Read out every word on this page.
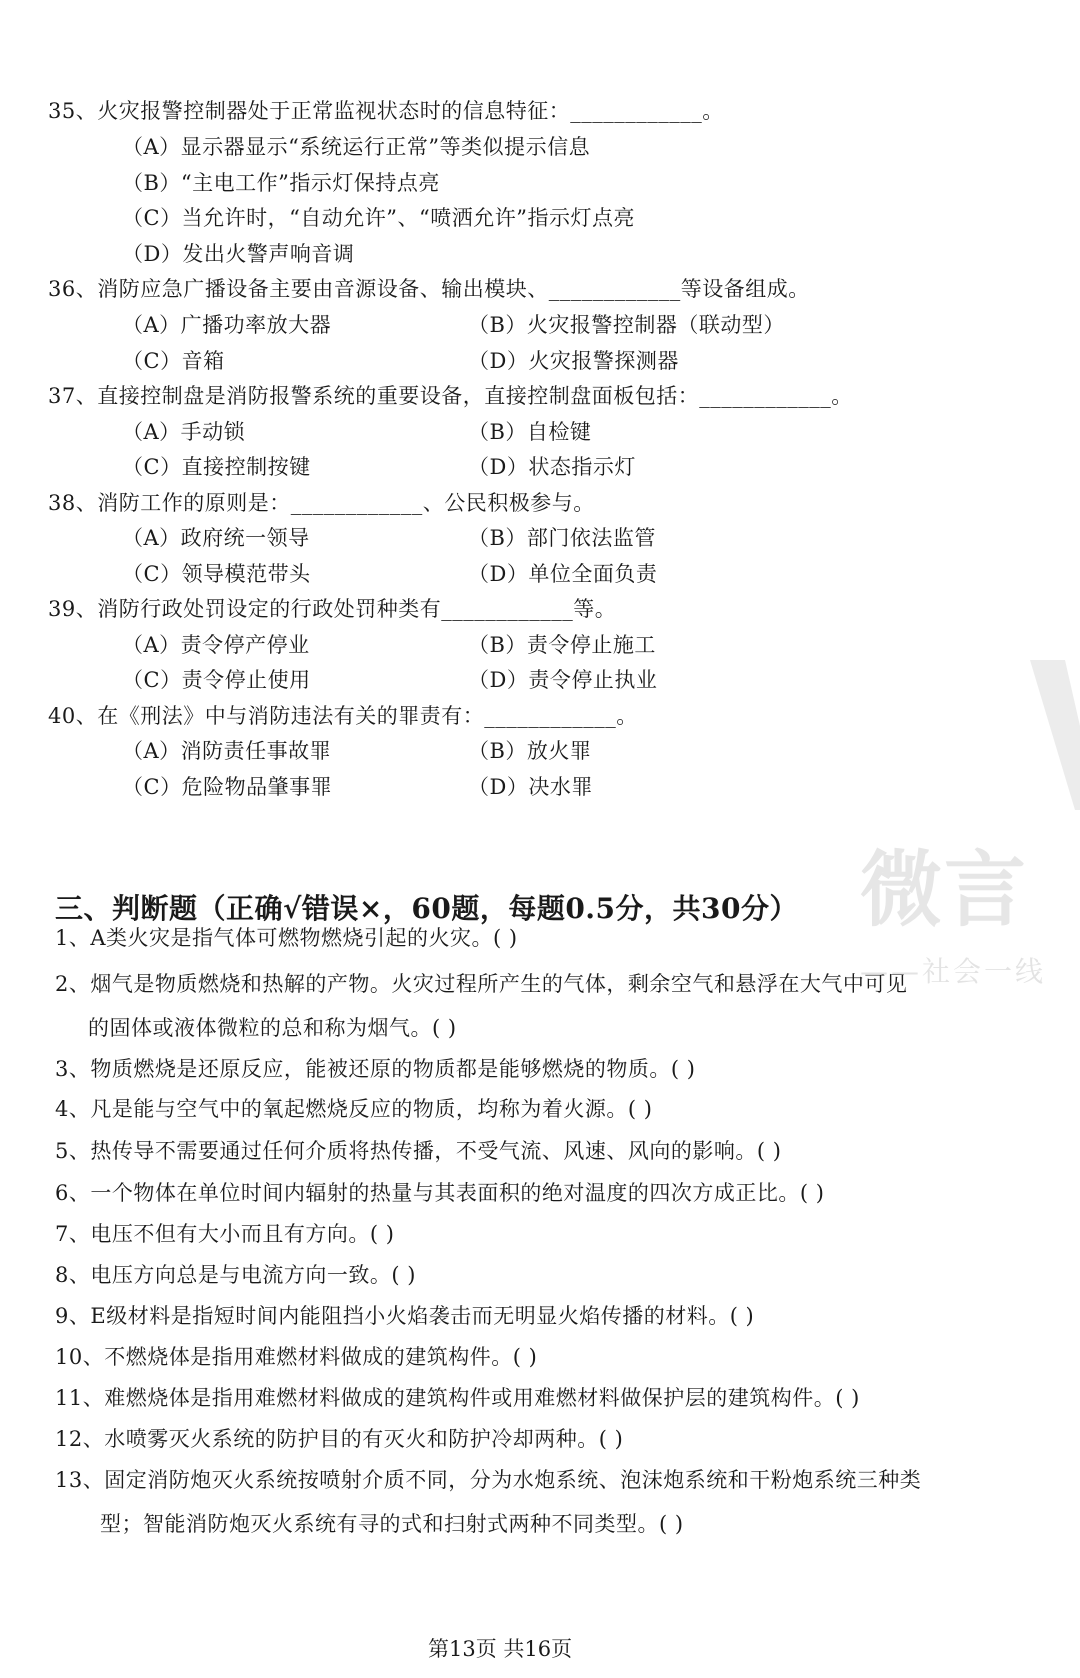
35、火灾报警控制器处于正常监视状态时的信息特征：____________。
（A）显示器显示“系统运行正常”等类似提示信息
（B）“主电工作”指示灯保持点亮
（C）当允许时，“自动允许”、“喷洒允许”指示灯点亮
（D）发出火警声响音调
36、消防应急广播设备主要由音源设备、输出模块、____________等设备组成。
（A）广播功率放大器	（B）火灾报警控制器（联动型）
（C）音箱	（D）火灾报警探测器
37、直接控制盘是消防报警系统的重要设备，直接控制盘面板包括：____________。
（A）手动锁	（B）自检键
（C）直接控制按键	（D）状态指示灯
38、消防工作的原则是：____________、公民积极参与。
（A）政府统一领导	（B）部门依法监管
（C）领导模范带头	（D）单位全面负责
39、消防行政处罚设定的行政处罚种类有____________等。
（A）责令停产停业	（B）责令停止施工
（C）责令停止使用	（D）责令停止执业
40、在《刑法》中与消防违法有关的罪责有：____________。
（A）消防责任事故罪	（B）放火罪
（C）危险物品肇事罪	（D）决水罪
三、判断题（正确√错误×，60题，每题0.5分，共30分）
1、A类火灾是指气体可燃物燃烧引起的火灾。( )
2、烟气是物质燃烧和热解的产物。火灾过程所产生的气体，剩余空气和悬浮在大气中可见
的固体或液体微粒的总和称为烟气。( )
3、物质燃烧是还原反应，能被还原的物质都是能够燃烧的物质。( )
4、凡是能与空气中的氧起燃烧反应的物质，均称为着火源。( )
5、热传导不需要通过任何介质将热传播，不受气流、风速、风向的影响。( )
6、一个物体在单位时间内辐射的热量与其表面积的绝对温度的四次方成正比。( )
7、电压不但有大小而且有方向。( )
8、电压方向总是与电流方向一致。( )
9、E级材料是指短时间内能阻挡小火焰袭击而无明显火焰传播的材料。( )
10、不燃烧体是指用难燃材料做成的建筑构件。( )
11、难燃烧体是指用难燃材料做成的建筑构件或用难燃材料做保护层的建筑构件。( )
12、水喷雾灭火系统的防护目的有灭火和防护冷却两种。( )
13、固定消防炮灭火系统按喷射介质不同，分为水炮系统、泡沫炮系统和干粉炮系统三种类
型；智能消防炮灭火系统有寻的式和扫射式两种不同类型。( )
第13页 共16页
微言
——社会一线
